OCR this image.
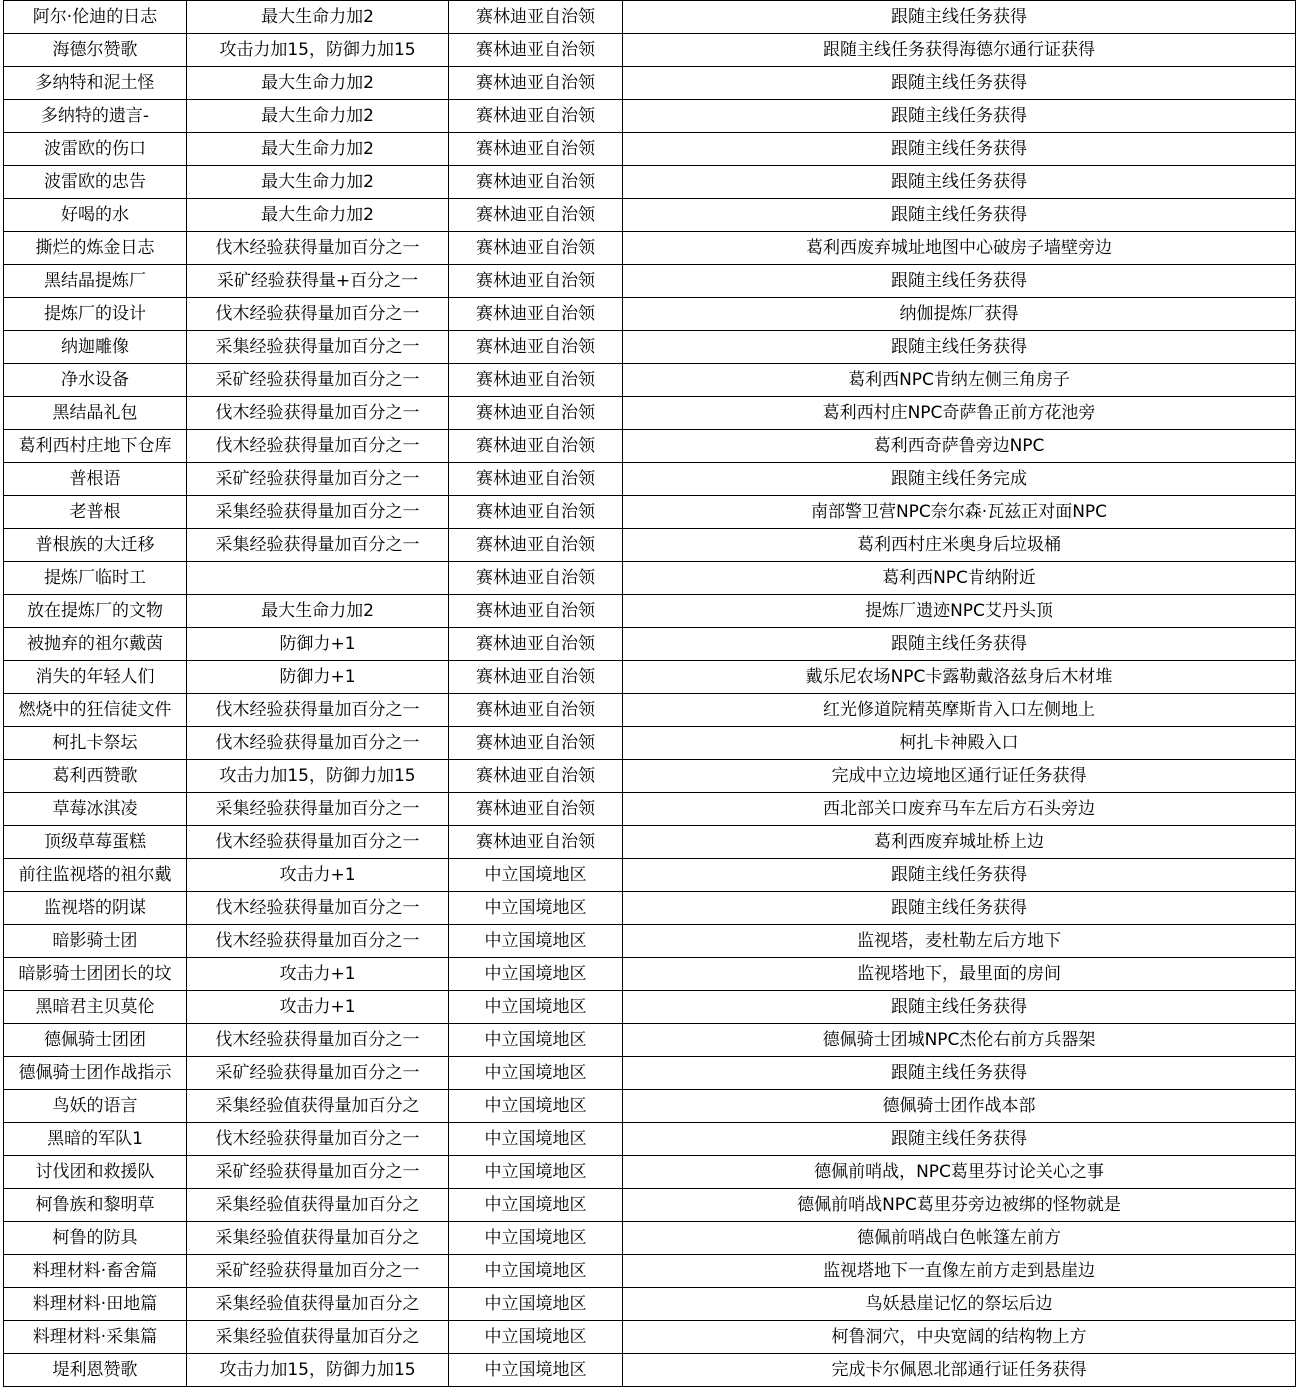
阿尔·伦迪的日志	最大生命力加2	赛林迪亚自治领	跟随主线任务获得
海德尔赞歌	攻击力加15，防御力加15	赛林迪亚自治领	跟随主线任务获得海德尔通行证获得
多纳特和泥土怪	最大生命力加2	赛林迪亚自治领	跟随主线任务获得
多纳特的遗言-	最大生命力加2	赛林迪亚自治领	跟随主线任务获得
波雷欧的伤口	最大生命力加2	赛林迪亚自治领	跟随主线任务获得
波雷欧的忠告	最大生命力加2	赛林迪亚自治领	跟随主线任务获得
好喝的水	最大生命力加2	赛林迪亚自治领	跟随主线任务获得
撕烂的炼金日志	伐木经验获得量加百分之一	赛林迪亚自治领	葛利西废弃城址地图中心破房子墙壁旁边
黑结晶提炼厂	采矿经验获得量+百分之一	赛林迪亚自治领	跟随主线任务获得
提炼厂的设计	伐木经验获得量加百分之一	赛林迪亚自治领	纳伽提炼厂获得
纳迦雕像	采集经验获得量加百分之一	赛林迪亚自治领	跟随主线任务获得
净水设备	采矿经验获得量加百分之一	赛林迪亚自治领	葛利西NPC肯纳左侧三角房子
黑结晶礼包	伐木经验获得量加百分之一	赛林迪亚自治领	葛利西村庄NPC奇萨鲁正前方花池旁
葛利西村庄地下仓库	伐木经验获得量加百分之一	赛林迪亚自治领	葛利西奇萨鲁旁边NPC
普根语	采矿经验获得量加百分之一	赛林迪亚自治领	跟随主线任务完成
老普根	采集经验获得量加百分之一	赛林迪亚自治领	南部警卫营NPC奈尔森·瓦兹正对面NPC
普根族的大迁移	采集经验获得量加百分之一	赛林迪亚自治领	葛利西村庄米奥身后垃圾桶
提炼厂临时工		赛林迪亚自治领	葛利西NPC肯纳附近
放在提炼厂的文物	最大生命力加2	赛林迪亚自治领	提炼厂遗迹NPC艾丹头顶
被抛弃的祖尔戴茵	防御力+1	赛林迪亚自治领	跟随主线任务获得
消失的年轻人们	防御力+1	赛林迪亚自治领	戴乐尼农场NPC卡露勒戴洛兹身后木材堆
燃烧中的狂信徒文件	伐木经验获得量加百分之一	赛林迪亚自治领	红光修道院精英摩斯肯入口左侧地上
柯扎卡祭坛	伐木经验获得量加百分之一	赛林迪亚自治领	柯扎卡神殿入口
葛利西赞歌	攻击力加15，防御力加15	赛林迪亚自治领	完成中立边境地区通行证任务获得
草莓冰淇凌	采集经验获得量加百分之一	赛林迪亚自治领	西北部关口废弃马车左后方石头旁边
顶级草莓蛋糕	伐木经验获得量加百分之一	赛林迪亚自治领	葛利西废弃城址桥上边
前往监视塔的祖尔戴	攻击力+1	中立国境地区	跟随主线任务获得
监视塔的阴谋	伐木经验获得量加百分之一	中立国境地区	跟随主线任务获得
暗影骑士团	伐木经验获得量加百分之一	中立国境地区	监视塔，麦杜勒左后方地下
暗影骑士团团长的坟	攻击力+1	中立国境地区	监视塔地下，最里面的房间
黑暗君主贝莫伦	攻击力+1	中立国境地区	跟随主线任务获得
德佩骑士团团	伐木经验获得量加百分之一	中立国境地区	德佩骑士团城NPC杰伦右前方兵器架
德佩骑士团作战指示	采矿经验获得量加百分之一	中立国境地区	跟随主线任务获得
鸟妖的语言	采集经验值获得量加百分之	中立国境地区	德佩骑士团作战本部
黑暗的军队1	伐木经验获得量加百分之一	中立国境地区	跟随主线任务获得
讨伐团和救援队	采矿经验获得量加百分之一	中立国境地区	德佩前哨战，NPC葛里芬讨论关心之事
柯鲁族和黎明草	采集经验值获得量加百分之	中立国境地区	德佩前哨战NPC葛里芬旁边被绑的怪物就是
柯鲁的防具	采集经验值获得量加百分之	中立国境地区	德佩前哨战白色帐篷左前方
料理材料·畜舍篇	采矿经验获得量加百分之一	中立国境地区	监视塔地下一直像左前方走到悬崖边
料理材料·田地篇	采集经验值获得量加百分之	中立国境地区	鸟妖悬崖记忆的祭坛后边
料理材料·采集篇	采集经验值获得量加百分之	中立国境地区	柯鲁洞穴，中央宽阔的结构物上方
堤利恩赞歌	攻击力加15，防御力加15	中立国境地区	完成卡尔佩恩北部通行证任务获得
